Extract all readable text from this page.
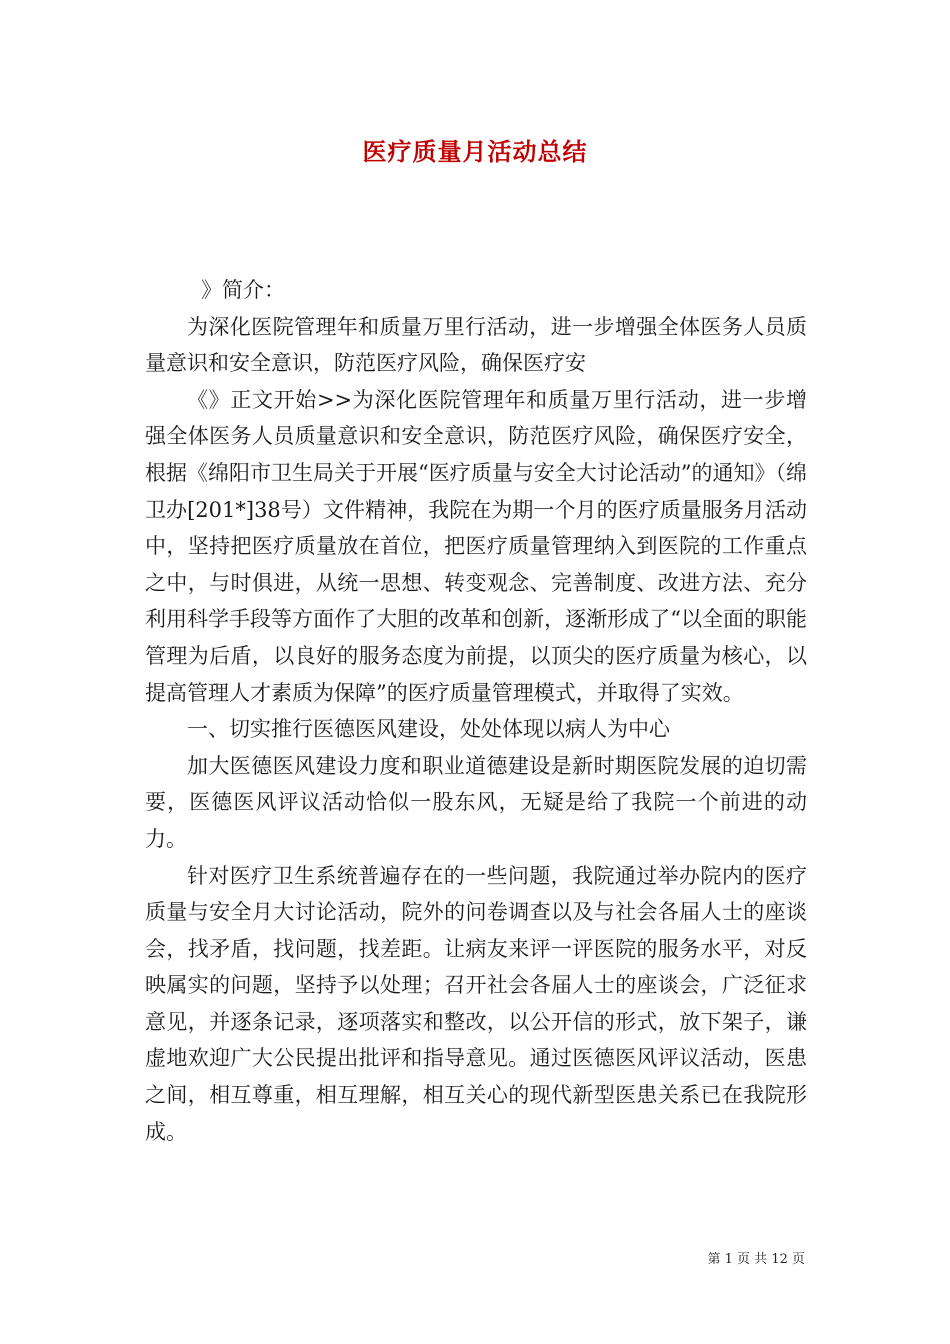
医疗质量月活动总结

》简介：

为深化医院管理年和质量万里行活动，进一步增强全体医务人员质量意识和安全意识，防范医疗风险，确保医疗安

《》正文开始>>为深化医院管理年和质量万里行活动，进一步增强全体医务人员质量意识和安全意识，防范医疗风险，确保医疗安全，根据《绵阳市卫生局关于开展“医疗质量与安全大讨论活动”的通知》（绵卫办[201*]38号）文件精神，我院在为期一个月的医疗质量服务月活动中，坚持把医疗质量放在首位，把医疗质量管理纳入到医院的工作重点之中，与时俱进，从统一思想、转变观念、完善制度、改进方法、充分利用科学手段等方面作了大胆的改革和创新，逐渐形成了“以全面的职能管理为后盾，以良好的服务态度为前提，以顶尖的医疗质量为核心，以提高管理人才素质为保障”的医疗质量管理模式，并取得了实效。

一、切实推行医德医风建设，处处体现以病人为中心

加大医德医风建设力度和职业道德建设是新时期医院发展的迫切需要，医德医风评议活动恰似一股东风，无疑是给了我院一个前进的动力。

针对医疗卫生系统普遍存在的一些问题，我院通过举办院内的医疗质量与安全月大讨论活动，院外的问卷调查以及与社会各届人士的座谈会，找矛盾，找问题，找差距。让病友来评一评医院的服务水平，对反映属实的问题，坚持予以处理；召开社会各届人士的座谈会，广泛征求意见，并逐条记录，逐项落实和整改，以公开信的形式，放下架子，谦虚地欢迎广大公民提出批评和指导意见。通过医德医风评议活动，医患之间，相互尊重，相互理解，相互关心的现代新型医患关系已在我院形成。

第 1 页 共 12 页
